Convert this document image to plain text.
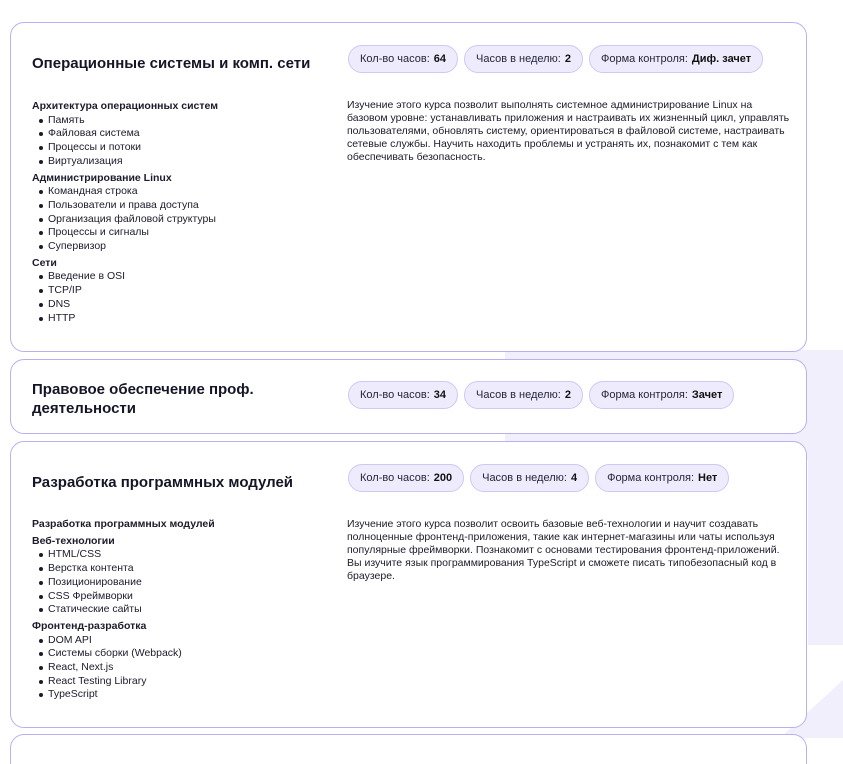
Операционные системы и комп. сети	Кол-во часов: 64	Часов в неделю: 2	Форма контроля: Диф. зачет

Архитектура операционных систем

Память
Файловая система
Процессы и потоки
Виртуализация

Администрирование Linux

Командная строка
Пользователи и права доступа
Организация файловой структуры
Процессы и сигналы
Супервизор

Сети

Введение в OSI
TCP/IP
DNS
HTTP
Изучение этого курса позволит выполнять системное администрирование Linux на базовом уровне: устанавливать приложения и настраивать их жизненный цикл, управлять пользователями, обновлять систему, ориентироваться в файловой системе, настраивать сетевые службы. Научить находить проблемы и устранять их, познакомит с тем как обеспечивать безопасность.
Правовое обеспечение проф. деятельности
Кол-во часов: 34	Часов в неделю: 2	Форма контроля: Зачет
Разработка программных модулей	Кол-во часов: 200	Часов в неделю: 4	Форма контроля: Нет

Разработка программных модулей

Веб-технологии

HTML/CSS
Верстка контента
Позиционирование
CSS Фреймворки
Статические сайты

Фронтенд-разработка

DOM API
Системы сборки (Webpack)
React, Next.js
React Testing Library
TypeScript
Изучение этого курса позволит освоить базовые веб-технологии и научит создавать полноценные фронтенд-приложения, такие как интернет-магазины или чаты используя популярные фреймворки. Познакомит с основами тестирования фронтенд-приложений. Вы изучите язык программирования TypeScript и сможете писать типобезопасный код в браузере.
